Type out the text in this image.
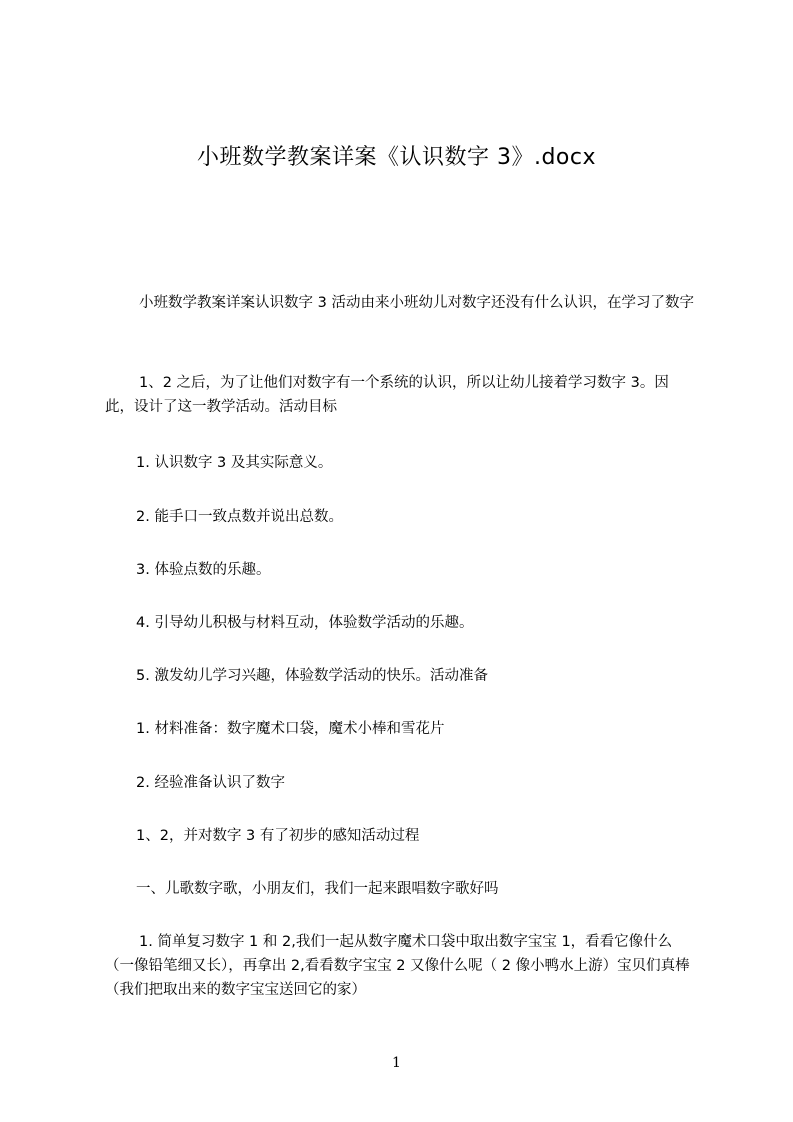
小班数学教案详案《认识数字 3》.docx
小班数学教案详案认识数字 3 活动由来小班幼儿对数字还没有什么认识，在学习了数字
1、2 之后，为了让他们对数字有一个系统的认识，所以让幼儿接着学习数字 3。因此，设计了这一教学活动。活动目标
1. 认识数字 3 及其实际意义。
2. 能手口一致点数并说出总数。
3. 体验点数的乐趣。
4. 引导幼儿积极与材料互动，体验数学活动的乐趣。
5. 激发幼儿学习兴趣，体验数学活动的快乐。活动准备
1. 材料准备：数字魔术口袋，魔术小棒和雪花片
2. 经验准备认识了数字
1、2，并对数字 3 有了初步的感知活动过程
一、儿歌数字歌，小朋友们，我们一起来跟唱数字歌好吗
1. 简单复习数字 1 和 2,我们一起从数字魔术口袋中取出数字宝宝 1，看看它像什么（一像铅笔细又长），再拿出 2,看看数字宝宝 2 又像什么呢（ 2 像小鸭水上游）宝贝们真棒（我们把取出来的数字宝宝送回它的家）
1
